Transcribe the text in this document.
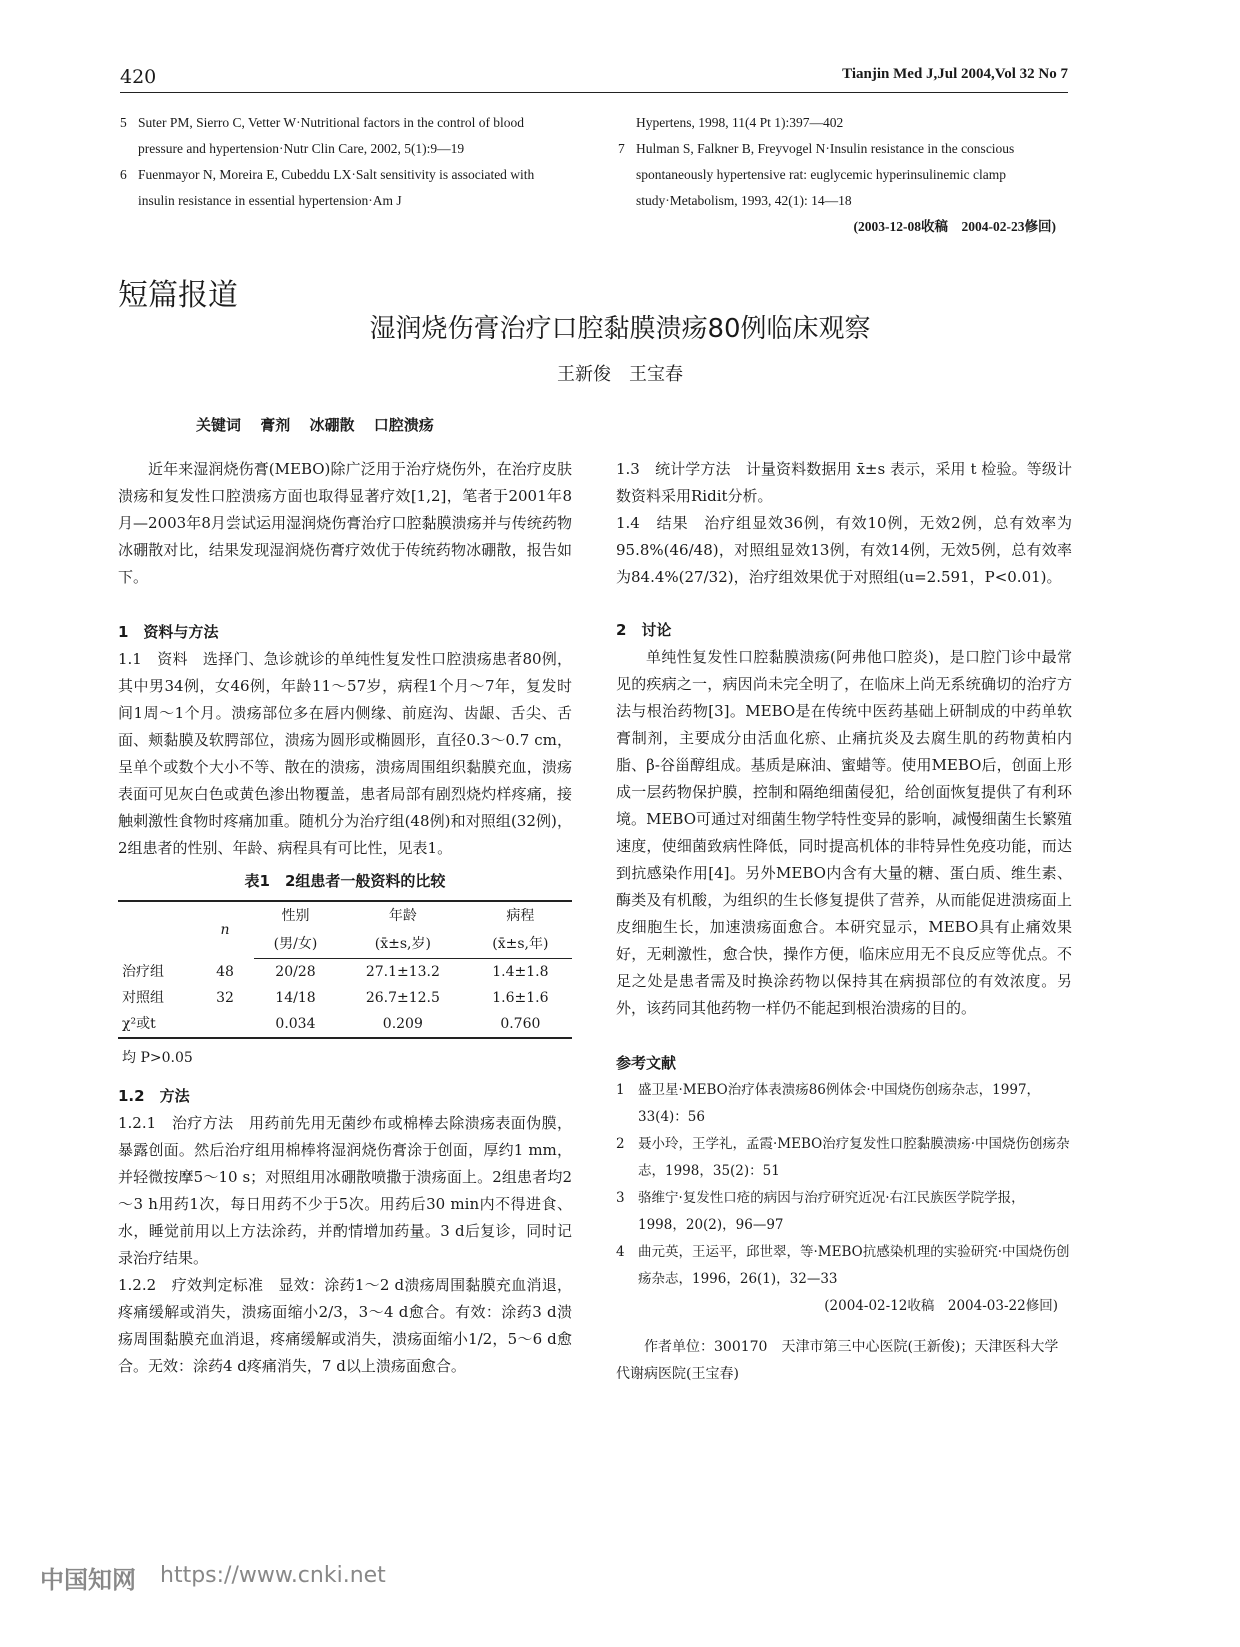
420	Tianjin Med J,Jul 2004,Vol 32 No 7
5 Suter PM, Sierro C, Vetter W·Nutritional factors in the control of blood pressure and hypertension·Nutr Clin Care, 2002, 5(1):9—19
6 Fuenmayor N, Moreira E, Cubeddu LX·Salt sensitivity is associated with insulin resistance in essential hypertension·Am J
Hypertens, 1998, 11(4 Pt 1):397—402
7 Hulman S, Falkner B, Freyvogel N·Insulin resistance in the conscious spontaneously hypertensive rat: euglycemic hyperinsulinemic clamp study·Metabolism, 1993, 42(1): 14—18
(2003-12-08收稿　2004-02-23修回)
短篇报道
湿润烧伤膏治疗口腔黏膜溃疡80例临床观察
王新俊　王宝春
关键词 膏剂 冰硼散 口腔溃疡

近年来湿润烧伤膏(MEBO)除广泛用于治疗烧伤外，在治疗皮肤溃疡和复发性口腔溃疡方面也取得显著疗效[1,2]，笔者于2001年8月—2003年8月尝试运用湿润烧伤膏治疗口腔黏膜溃疡并与传统药物冰硼散对比，结果发现湿润烧伤膏疗效优于传统药物冰硼散，报告如下。

1　资料与方法

1.1　资料　选择门、急诊就诊的单纯性复发性口腔溃疡患者80例，其中男34例，女46例，年龄11～57岁，病程1个月～7年，复发时间1周～1个月。溃疡部位多在唇内侧缘、前庭沟、齿龈、舌尖、舌面、颊黏膜及软腭部位，溃疡为圆形或椭圆形，直径0.3～0.7 cm，呈单个或数个大小不等、散在的溃疡，溃疡周围组织黏膜充血，溃疡表面可见灰白色或黄色渗出物覆盖，患者局部有剧烈烧灼样疼痛，接触刺激性食物时疼痛加重。随机分为治疗组(48例)和对照组(32例)，2组患者的性别、年龄、病程具有可比性，见表1。

表1　2组患者一般资料的比较
	n	性别	年龄	病程
		(男/女)	(x̄±s,岁)	(x̄±s,年)
治疗组	48	20/28	27.1±13.2	1.4±1.8
对照组	32	14/18	26.7±12.5	1.6±1.6
χ²或t		0.034	0.209	0.760
均 P>0.05
1.2　方法

1.2.1　治疗方法　用药前先用无菌纱布或棉棒去除溃疡表面伪膜，暴露创面。然后治疗组用棉棒将湿润烧伤膏涂于创面，厚约1 mm，并轻微按摩5～10 s；对照组用冰硼散喷撒于溃疡面上。2组患者均2～3 h用药1次，每日用药不少于5次。用药后30 min内不得进食、水，睡觉前用以上方法涂药，并酌情增加药量。3 d后复诊，同时记录治疗结果。

1.2.2　疗效判定标准　显效：涂药1～2 d溃疡周围黏膜充血消退，疼痛缓解或消失，溃疡面缩小2/3，3～4 d愈合。有效：涂药3 d溃疡周围黏膜充血消退，疼痛缓解或消失，溃疡面缩小1/2，5～6 d愈合。无效：涂药4 d疼痛消失，7 d以上溃疡面愈合。

1.3　统计学方法　计量资料数据用 x̄±s 表示，采用 t 检验。等级计数资料采用Ridit分析。

1.4　结果　治疗组显效36例，有效10例，无效2例，总有效率为95.8%(46/48)，对照组显效13例，有效14例，无效5例，总有效率为84.4%(27/32)，治疗组效果优于对照组(u=2.591，P<0.01)。

2　讨论

单纯性复发性口腔黏膜溃疡(阿弗他口腔炎)，是口腔门诊中最常见的疾病之一，病因尚未完全明了，在临床上尚无系统确切的治疗方法与根治药物[3]。MEBO是在传统中医药基础上研制成的中药单软膏制剂，主要成分由活血化瘀、止痛抗炎及去腐生肌的药物黄柏内脂、β-谷甾醇组成。基质是麻油、蜜蜡等。使用MEBO后，创面上形成一层药物保护膜，控制和隔绝细菌侵犯，给创面恢复提供了有利环境。MEBO可通过对细菌生物学特性变异的影响，减慢细菌生长繁殖速度，使细菌致病性降低，同时提高机体的非特异性免疫功能，而达到抗感染作用[4]。另外MEBO内含有大量的糖、蛋白质、维生素、酶类及有机酸，为组织的生长修复提供了营养，从而能促进溃疡面上皮细胞生长，加速溃疡面愈合。本研究显示，MEBO具有止痛效果好，无刺激性，愈合快，操作方便，临床应用无不良反应等优点。不足之处是患者需及时换涂药物以保持其在病损部位的有效浓度。另外，该药同其他药物一样仍不能起到根治溃疡的目的。

参考文献
1 盛卫星·MEBO治疗体表溃疡86例体会·中国烧伤创疡杂志，1997，33(4)：56
2 聂小玲，王学礼，孟霞·MEBO治疗复发性口腔黏膜溃疡·中国烧伤创疡杂志，1998，35(2)：51
3 骆维宁·复发性口疮的病因与治疗研究近况·右江民族医学院学报，1998，20(2)，96—97
4 曲元英，王运平，邱世翠，等·MEBO抗感染机理的实验研究·中国烧伤创疡杂志，1996，26(1)，32—33
(2004-02-12收稿　2004-03-22修回)

作者单位：300170　天津市第三中心医院(王新俊)；天津医科大学代谢病医院(王宝春)

中国知网 https://www.cnki.net
